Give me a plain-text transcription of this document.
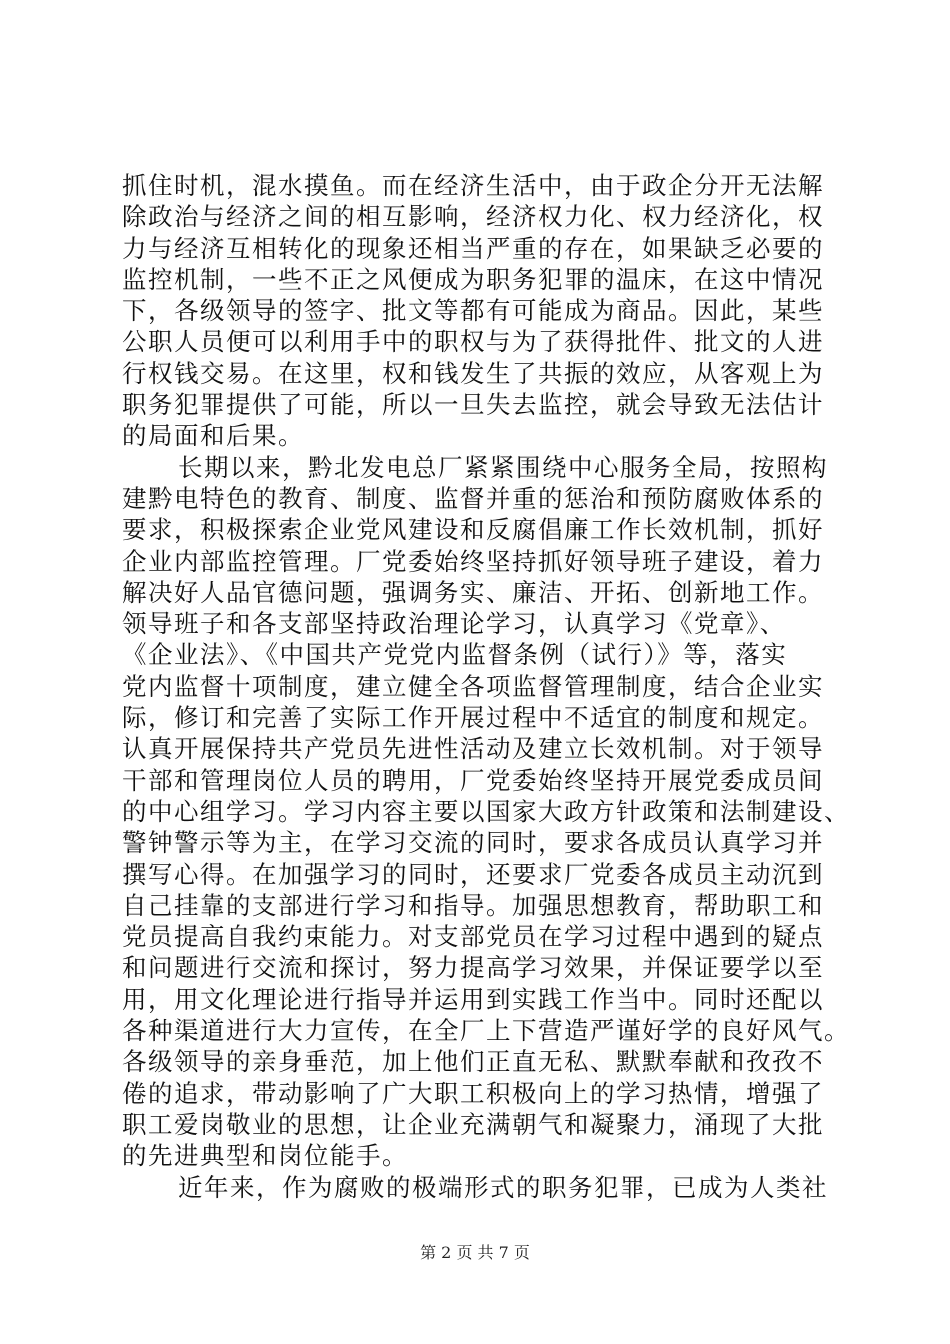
抓住时机，混水摸鱼。而在经济生活中，由于政企分开无法解
除政治与经济之间的相互影响，经济权力化、权力经济化，权
力与经济互相转化的现象还相当严重的存在，如果缺乏必要的
监控机制，一些不正之风便成为职务犯罪的温床，在这中情况
下，各级领导的签字、批文等都有可能成为商品。因此，某些
公职人员便可以利用手中的职权与为了获得批件、批文的人进
行权钱交易。在这里，权和钱发生了共振的效应，从客观上为
职务犯罪提供了可能，所以一旦失去监控，就会导致无法估计
的局面和后果。
长期以来，黔北发电总厂紧紧围绕中心服务全局，按照构
建黔电特色的教育、制度、监督并重的惩治和预防腐败体系的
要求，积极探索企业党风建设和反腐倡廉工作长效机制，抓好
企业内部监控管理。厂党委始终坚持抓好领导班子建设，着力
解决好人品官德问题，强调务实、廉洁、开拓、创新地工作。
领导班子和各支部坚持政治理论学习，认真学习《党章》、
《企业法》、《中国共产党党内监督条例（试行）》等，落实
党内监督十项制度，建立健全各项监督管理制度，结合企业实
际，修订和完善了实际工作开展过程中不适宜的制度和规定。
认真开展保持共产党员先进性活动及建立长效机制。对于领导
干部和管理岗位人员的聘用，厂党委始终坚持开展党委成员间
的中心组学习。学习内容主要以国家大政方针政策和法制建设、
警钟警示等为主，在学习交流的同时，要求各成员认真学习并
撰写心得。在加强学习的同时，还要求厂党委各成员主动沉到
自己挂靠的支部进行学习和指导。加强思想教育，帮助职工和
党员提高自我约束能力。对支部党员在学习过程中遇到的疑点
和问题进行交流和探讨，努力提高学习效果，并保证要学以至
用，用文化理论进行指导并运用到实践工作当中。同时还配以
各种渠道进行大力宣传，在全厂上下营造严谨好学的良好风气。
各级领导的亲身垂范，加上他们正直无私、默默奉献和孜孜不
倦的追求，带动影响了广大职工积极向上的学习热情，增强了
职工爱岗敬业的思想，让企业充满朝气和凝聚力，涌现了大批
的先进典型和岗位能手。
近年来，作为腐败的极端形式的职务犯罪，已成为人类社
第 2 页 共 7 页
